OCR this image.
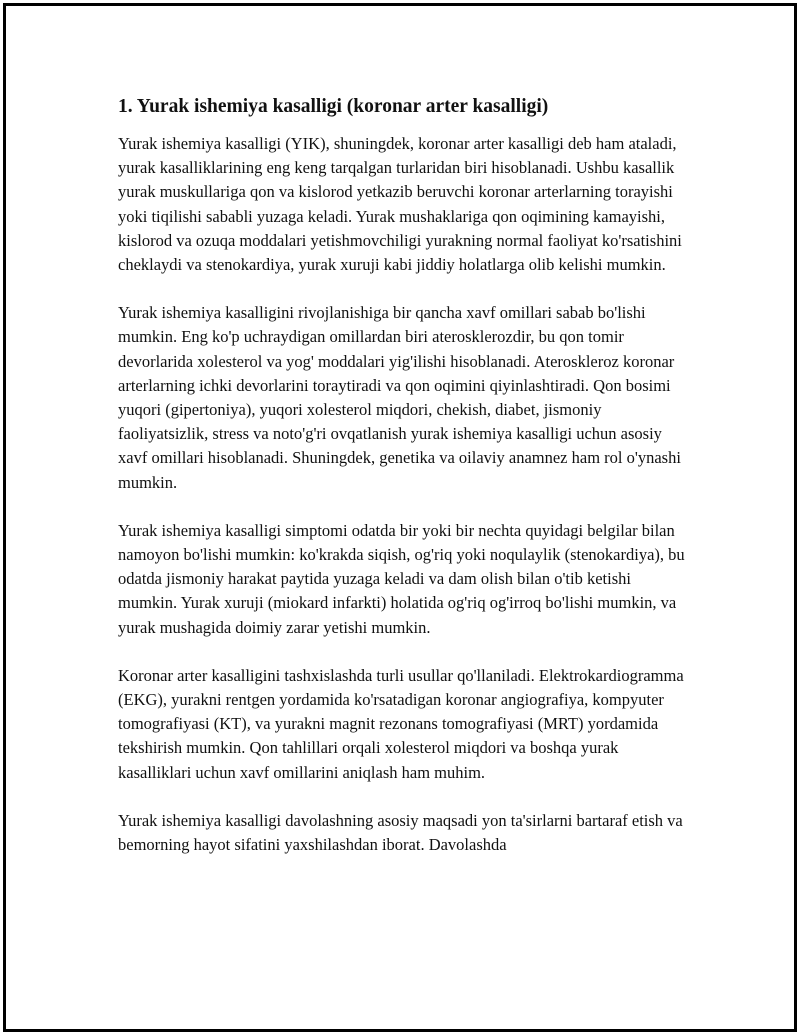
1. Yurak ishemiya kasalligi (koronar arter kasalligi)

Yurak ishemiya kasalligi (YIK), shuningdek, koronar arter kasalligi deb ham ataladi, yurak kasalliklarining eng keng tarqalgan turlaridan biri hisoblanadi. Ushbu kasallik yurak muskullariga qon va kislorod yetkazib beruvchi koronar arterlarning torayishi yoki tiqilishi sababli yuzaga keladi. Yurak mushaklariga qon oqimining kamayishi, kislorod va ozuqa moddalari yetishmovchiligi yurakning normal faoliyat ko'rsatishini cheklaydi va stenokardiya, yurak xuruji kabi jiddiy holatlarga olib kelishi mumkin.

Yurak ishemiya kasalligini rivojlanishiga bir qancha xavf omillari sabab bo'lishi mumkin. Eng ko'p uchraydigan omillardan biri aterosklerozdir, bu qon tomir devorlarida xolesterol va yog' moddalari yig'ilishi hisoblanadi. Ateroskleroz koronar arterlarning ichki devorlarini toraytiradi va qon oqimini qiyinlashtiradi. Qon bosimi yuqori (gipertoniya), yuqori xolesterol miqdori, chekish, diabet, jismoniy faoliyatsizlik, stress va noto'g'ri ovqatlanish yurak ishemiya kasalligi uchun asosiy xavf omillari hisoblanadi. Shuningdek, genetika va oilaviy anamnez ham rol o'ynashi mumkin.

Yurak ishemiya kasalligi simptomi odatda bir yoki bir nechta quyidagi belgilar bilan namoyon bo'lishi mumkin: ko'krakda siqish, og'riq yoki noqulaylik (stenokardiya), bu odatda jismoniy harakat paytida yuzaga keladi va dam olish bilan o'tib ketishi mumkin. Yurak xuruji (miokard infarkti) holatida og'riq og'irroq bo'lishi mumkin, va yurak mushagida doimiy zarar yetishi mumkin.

Koronar arter kasalligini tashxislashda turli usullar qo'llaniladi. Elektrokardiogramma (EKG), yurakni rentgen yordamida ko'rsatadigan koronar angiografiya, kompyuter tomografiyasi (KT), va yurakni magnit rezonans tomografiyasi (MRT) yordamida tekshirish mumkin. Qon tahlillari orqali xolesterol miqdori va boshqa yurak kasalliklari uchun xavf omillarini aniqlash ham muhim.

Yurak ishemiya kasalligi davolashning asosiy maqsadi yon ta'sirlarni bartaraf etish va bemorning hayot sifatini yaxshilashdan iborat. Davolashda
